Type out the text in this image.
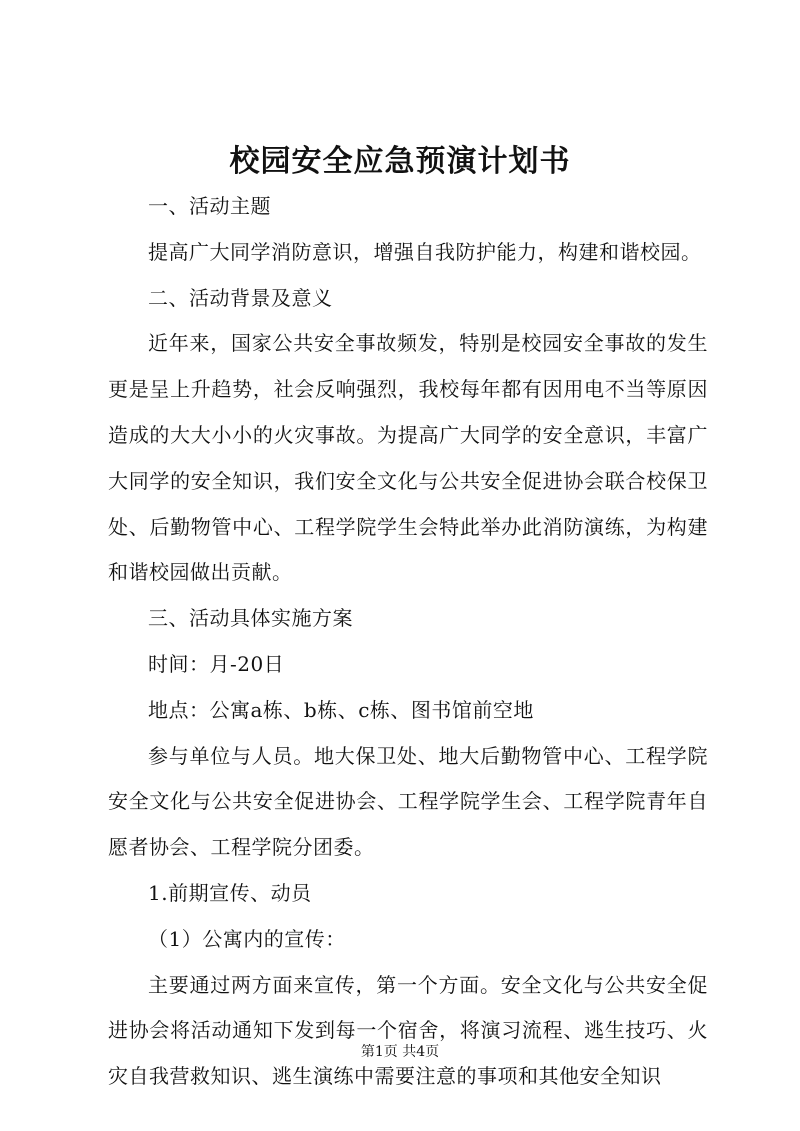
校园安全应急预演计划书

一、活动主题

提高广大同学消防意识，增强自我防护能力，构建和谐校园。

二、活动背景及意义

近年来，国家公共安全事故频发，特别是校园安全事故的发生更是呈上升趋势，社会反响强烈，我校每年都有因用电不当等原因造成的大大小小的火灾事故。为提高广大同学的安全意识，丰富广大同学的安全知识，我们安全文化与公共安全促进协会联合校保卫处、后勤物管中心、工程学院学生会特此举办此消防演练，为构建和谐校园做出贡献。

三、活动具体实施方案

时间：月-20日

地点：公寓a栋、b栋、c栋、图书馆前空地

参与单位与人员。地大保卫处、地大后勤物管中心、工程学院安全文化与公共安全促进协会、工程学院学生会、工程学院青年自愿者协会、工程学院分团委。

1.前期宣传、动员

（1）公寓内的宣传：

主要通过两方面来宣传，第一个方面。安全文化与公共安全促进协会将活动通知下发到每一个宿舍，将演习流程、逃生技巧、火灾自我营救知识、逃生演练中需要注意的事项和其他安全知识

第1页 共4页
